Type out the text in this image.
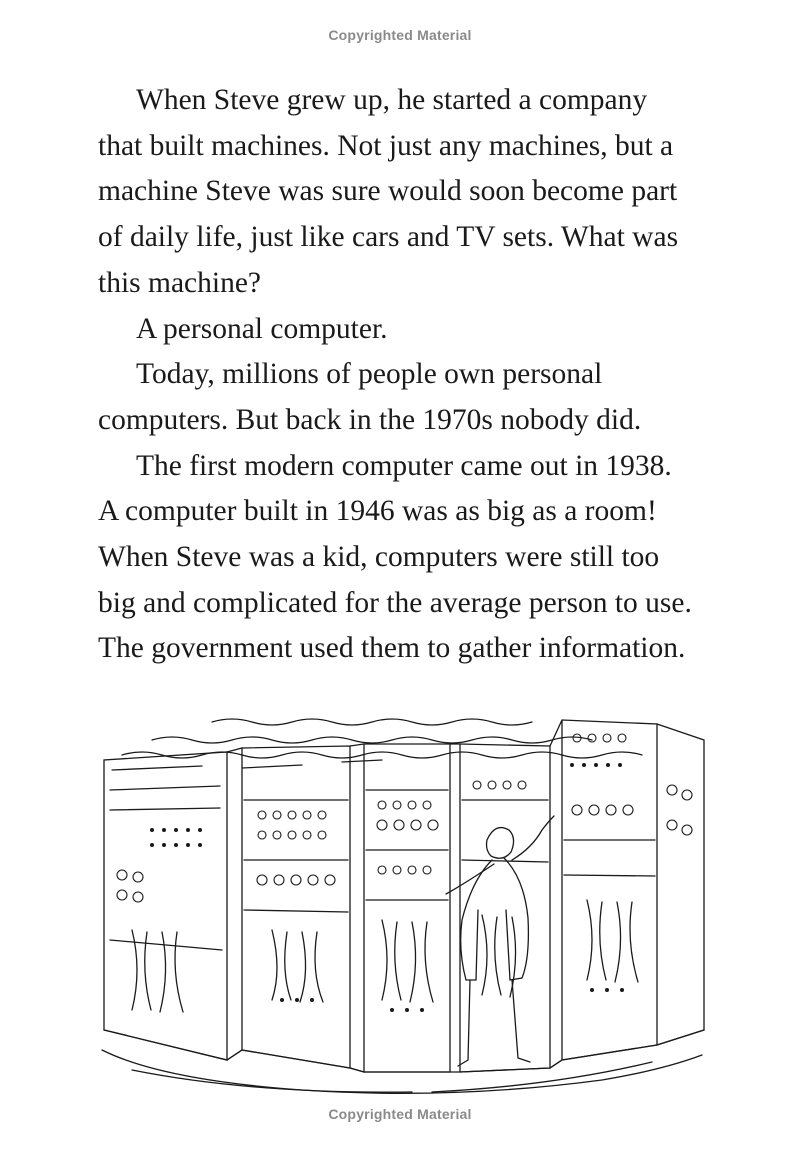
Copyrighted Material

When Steve grew up, he started a company
that built machines. Not just any machines, but a
machine Steve was sure would soon become part
of daily life, just like cars and TV sets. What was
this machine?

A personal computer.

Today, millions of people own personal
computers. But back in the 1970s nobody did.

The first modern computer came out in 1938.
A computer built in 1946 was as big as a room!
When Steve was a kid, computers were still too
big and complicated for the average person to use.
The government used them to gather information.

Copyrighted Material
